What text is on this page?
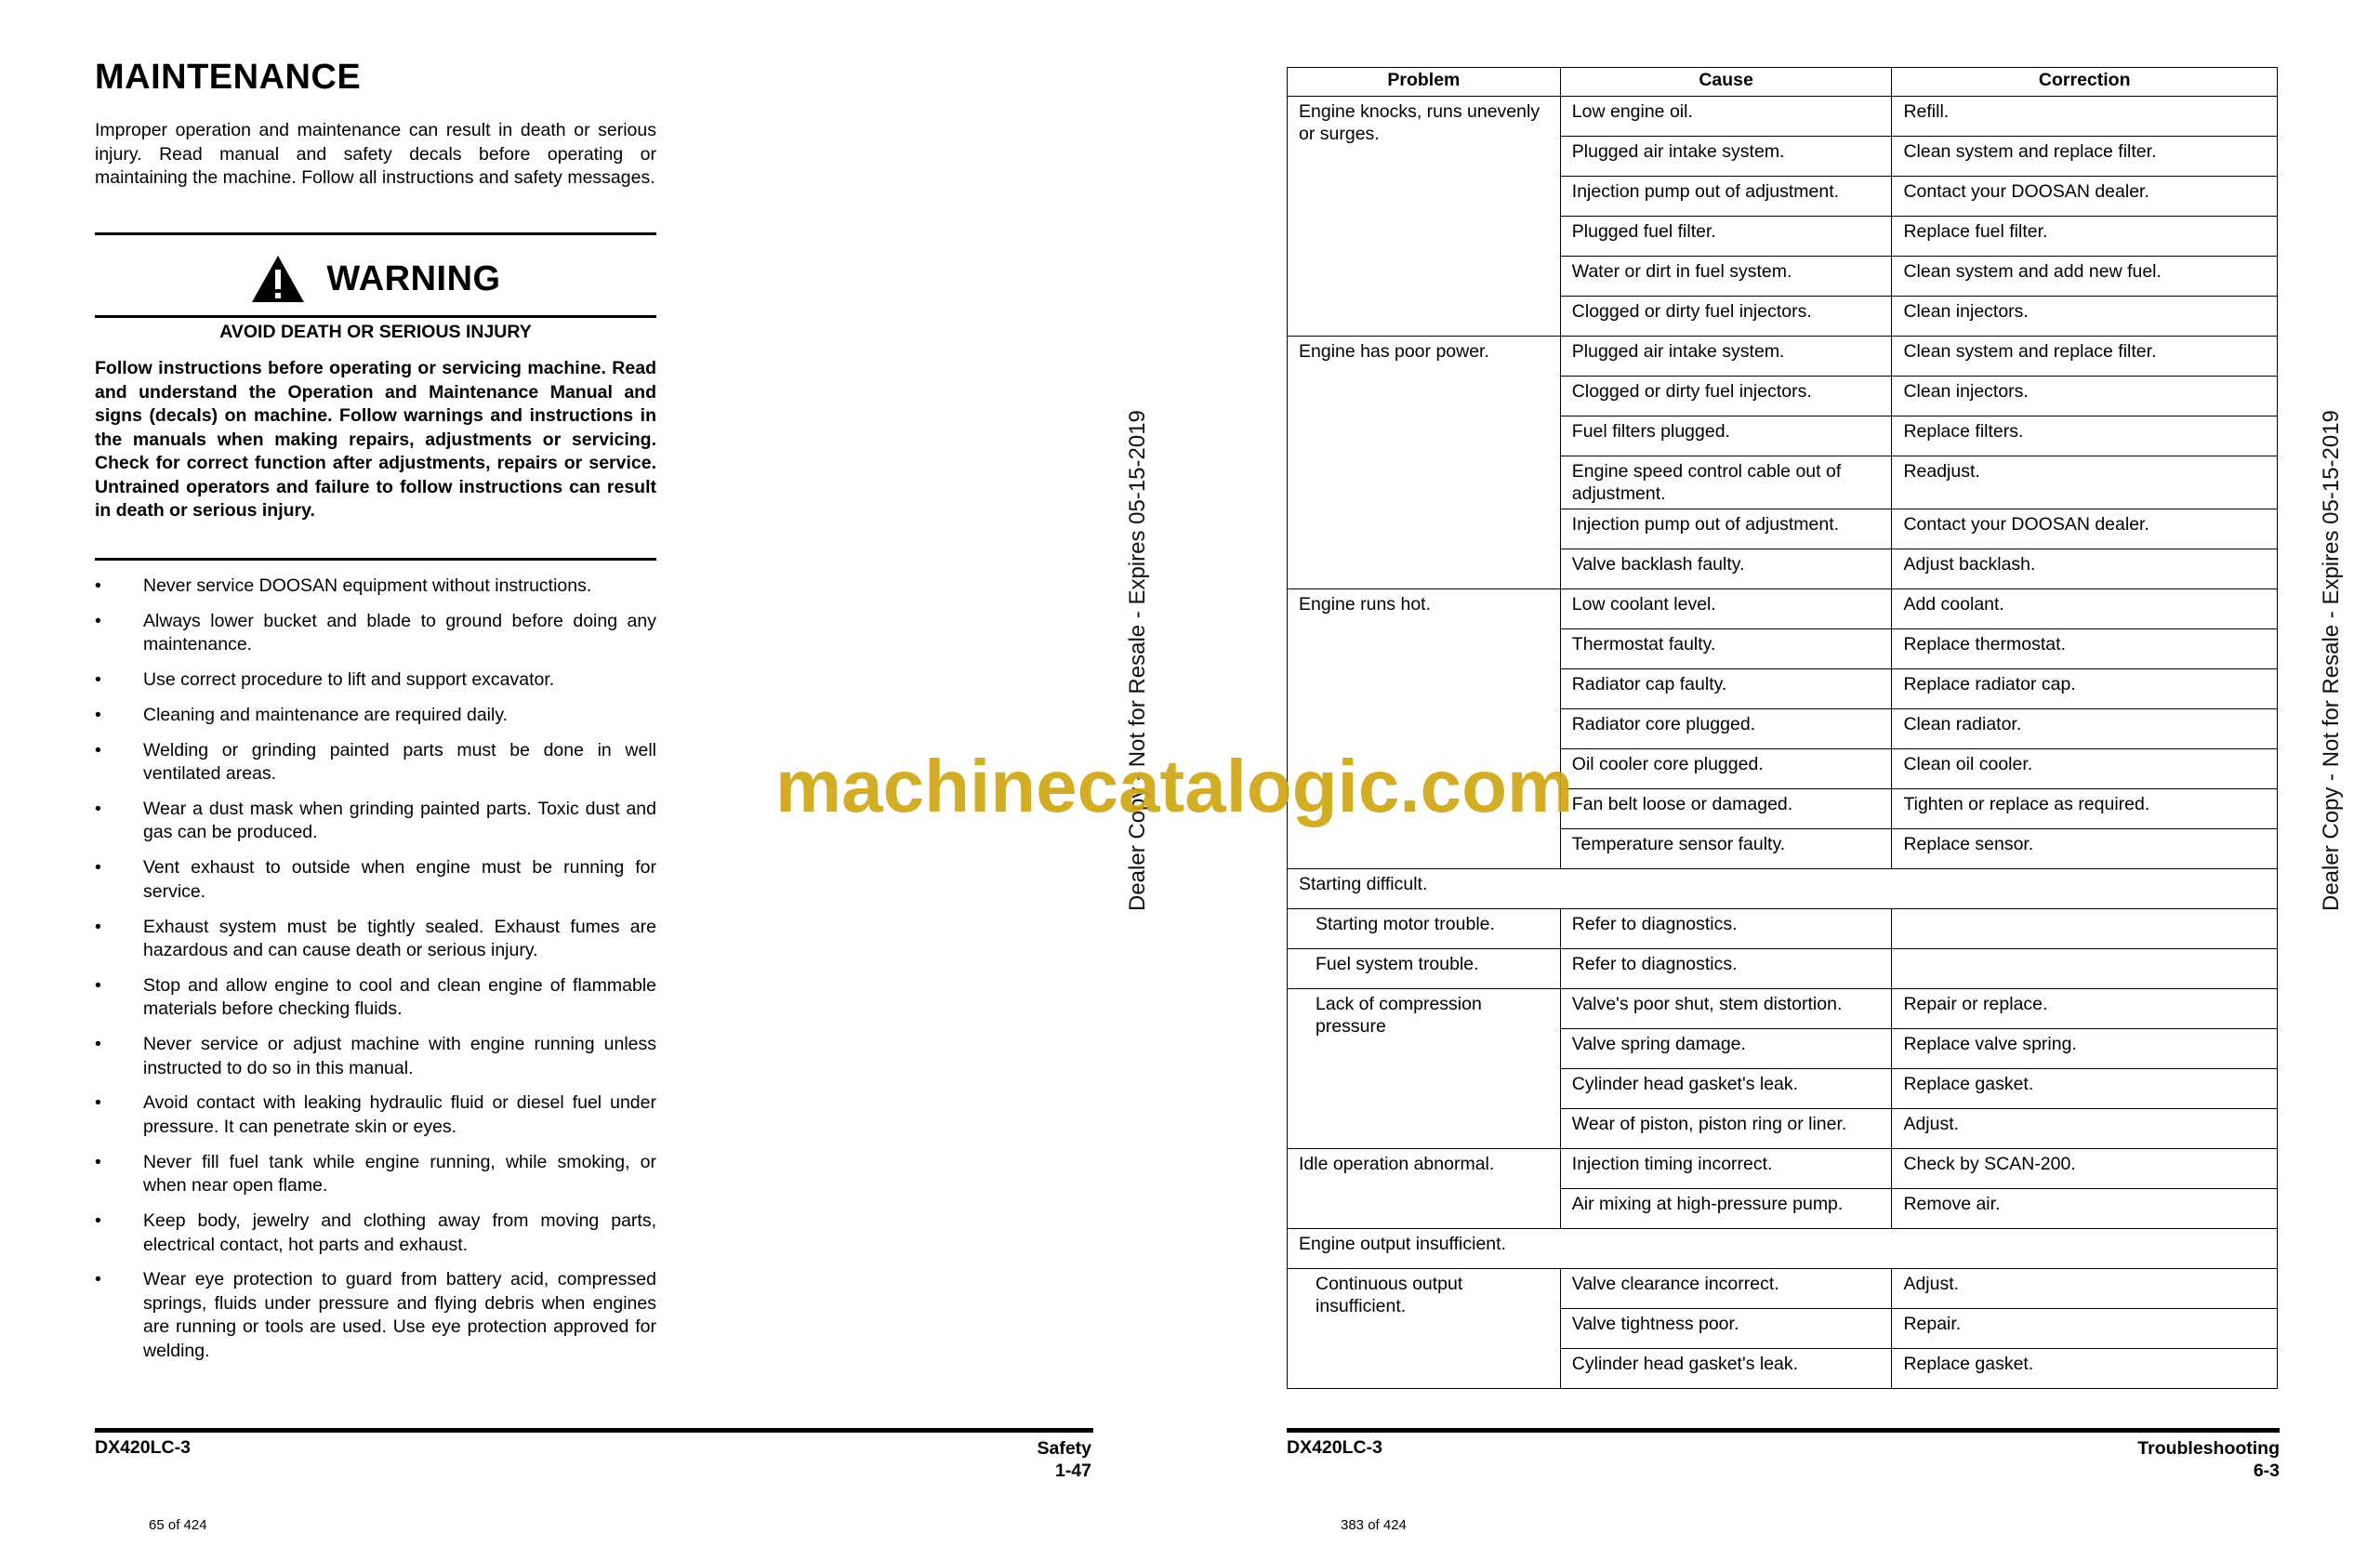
MAINTENANCE

Improper operation and maintenance can result in death or serious injury. Read manual and safety decals before operating or maintaining the machine. Follow all instructions and safety messages.

WARNING
AVOID DEATH OR SERIOUS INJURY

Follow instructions before operating or servicing machine. Read and understand the Operation and Maintenance Manual and signs (decals) on machine. Follow warnings and instructions in the manuals when making repairs, adjustments or servicing. Check for correct function after adjustments, repairs or service. Untrained operators and failure to follow instructions can result in death or serious injury.

• Never service DOOSAN equipment without instructions.
• Always lower bucket and blade to ground before doing any maintenance.
• Use correct procedure to lift and support excavator.
• Cleaning and maintenance are required daily.
• Welding or grinding painted parts must be done in well ventilated areas.
• Wear a dust mask when grinding painted parts. Toxic dust and gas can be produced.
• Vent exhaust to outside when engine must be running for service.
• Exhaust system must be tightly sealed. Exhaust fumes are hazardous and can cause death or serious injury.
• Stop and allow engine to cool and clean engine of flammable materials before checking fluids.
• Never service or adjust machine with engine running unless instructed to do so in this manual.
• Avoid contact with leaking hydraulic fluid or diesel fuel under pressure. It can penetrate skin or eyes.
• Never fill fuel tank while engine running, while smoking, or when near open flame.
• Keep body, jewelry and clothing away from moving parts, electrical contact, hot parts and exhaust.
• Wear eye protection to guard from battery acid, compressed springs, fluids under pressure and flying debris when engines are running or tools are used. Use eye protection approved for welding.
DX420LC-3	Safety
1-47
65 of 424
Problem	Cause	Correction
Engine knocks, runs unevenly or surges.	Low engine oil.	Refill.
	Plugged air intake system.	Clean system and replace filter.
	Injection pump out of adjustment.	Contact your DOOSAN dealer.
	Plugged fuel filter.	Replace fuel filter.
	Water or dirt in fuel system.	Clean system and add new fuel.
	Clogged or dirty fuel injectors.	Clean injectors.
Engine has poor power.	Plugged air intake system.	Clean system and replace filter.
	Clogged or dirty fuel injectors.	Clean injectors.
	Fuel filters plugged.	Replace filters.
	Engine speed control cable out of adjustment.	Readjust.
	Injection pump out of adjustment.	Contact your DOOSAN dealer.
	Valve backlash faulty.	Adjust backlash.
Engine runs hot.	Low coolant level.	Add coolant.
	Thermostat faulty.	Replace thermostat.
	Radiator cap faulty.	Replace radiator cap.
	Radiator core plugged.	Clean radiator.
	Oil cooler core plugged.	Clean oil cooler.
	Fan belt loose or damaged.	Tighten or replace as required.
	Temperature sensor faulty.	Replace sensor.
Starting difficult.		
Starting motor trouble.	Refer to diagnostics.	
Fuel system trouble.	Refer to diagnostics.	
Lack of compression pressure	Valve's poor shut, stem distortion.	Repair or replace.
	Valve spring damage.	Replace valve spring.
	Cylinder head gasket's leak.	Replace gasket.
	Wear of piston, piston ring or liner.	Adjust.
Idle operation abnormal.	Injection timing incorrect.	Check by SCAN-200.
	Air mixing at high-pressure pump.	Remove air.
Engine output insufficient.		
Continuous output insufficient.	Valve clearance incorrect.	Adjust.
	Valve tightness poor.	Repair.
	Cylinder head gasket's leak.	Replace gasket.
DX420LC-3	Troubleshooting
6-3
383 of 424
Dealer Copy - Not for Resale - Expires 05-15-2019	Dealer Copy - Not for Resale - Expires 05-15-2019
machinecatalogic.com
